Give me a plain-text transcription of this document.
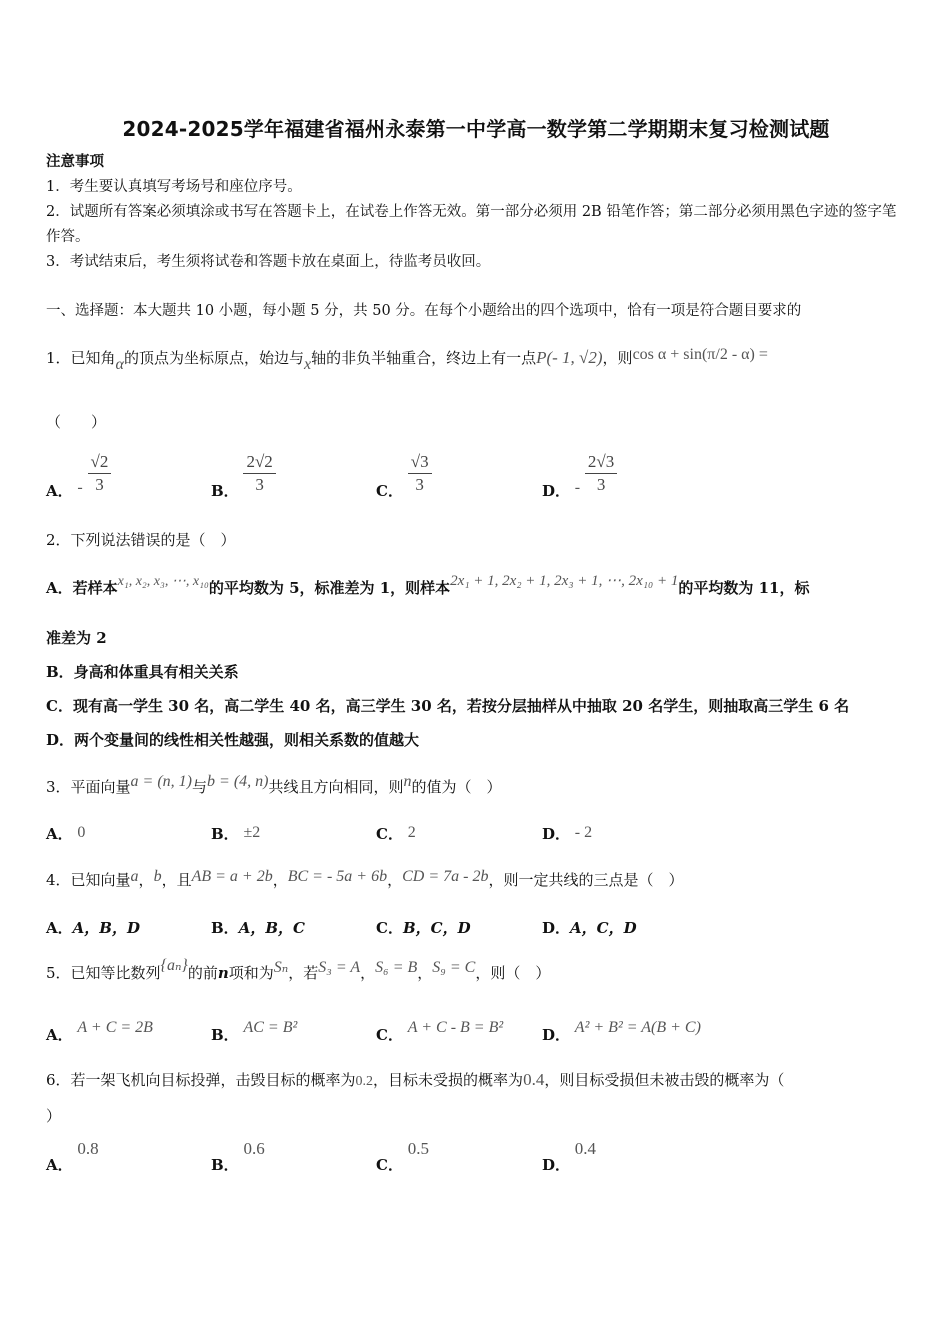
2024-2025学年福建省福州永泰第一中学高一数学第二学期期末复习检测试题
注意事项
1．考生要认真填写考场号和座位序号。
2．试题所有答案必须填涂或书写在答题卡上，在试卷上作答无效。第一部分必须用 2B 铅笔作答；第二部分必须用黑色字迹的签字笔作答。
3．考试结束后，考生须将试卷和答题卡放在桌面上，待监考员收回。
一、选择题：本大题共 10 小题，每小题 5 分，共 50 分。在每个小题给出的四个选项中，恰有一项是符合题目要求的
1．已知角α的顶点为坐标原点，始边与x轴的非负半轴重合，终边上有一点P(- 1, √2)，则cos α + sin(π/2 - α) =
（　　）
A． - $\frac{√2}{3}$	B． $\frac{2√2}{3}$	C． $\frac{√3}{3}$	D． - $\frac{2√3}{3}$
2．下列说法错误的是（　）
A．若样本x₁, x₂, x₃, ⋯, x₁₀的平均数为 5，标准差为 1，则样本2x₁ + 1, 2x₂ + 1, 2x₃ + 1, ⋯, 2x₁₀ + 1的平均数为 11，标
准差为 2
B．身高和体重具有相关关系
C．现有高一学生 30 名，高二学生 40 名，高三学生 30 名，若按分层抽样从中抽取 20 名学生，则抽取高三学生 6 名
D．两个变量间的线性相关性越强，则相关系数的值越大
3．平面向量a = (n, 1)与b = (4, n)共线且方向相同，则n的值为（　）
A． 0	B． ±2	C． 2	D． - 2
4．已知向量a，b，且AB = a + 2b，BC = - 5a + 6b，CD = 7a - 2b，则一定共线的三点是（　）
A．A，B，D	B．A，B，C	C．B，C，D	D．A，C，D
5．已知等比数列{aₙ}的前n项和为Sₙ，若S₃ = A，S₆ = B，S₉ = C，则（　）
A． A + C = 2B	B． AC = B²	C． A + C - B = B²	D． A² + B² = A(B + C)
6．若一架飞机向目标投弹，击毁目标的概率为0.2，目标未受损的概率为0.4，则目标受损但未被击毁的概率为（
）
A． 0.8
B． 0.6
C． 0.5
D． 0.4
